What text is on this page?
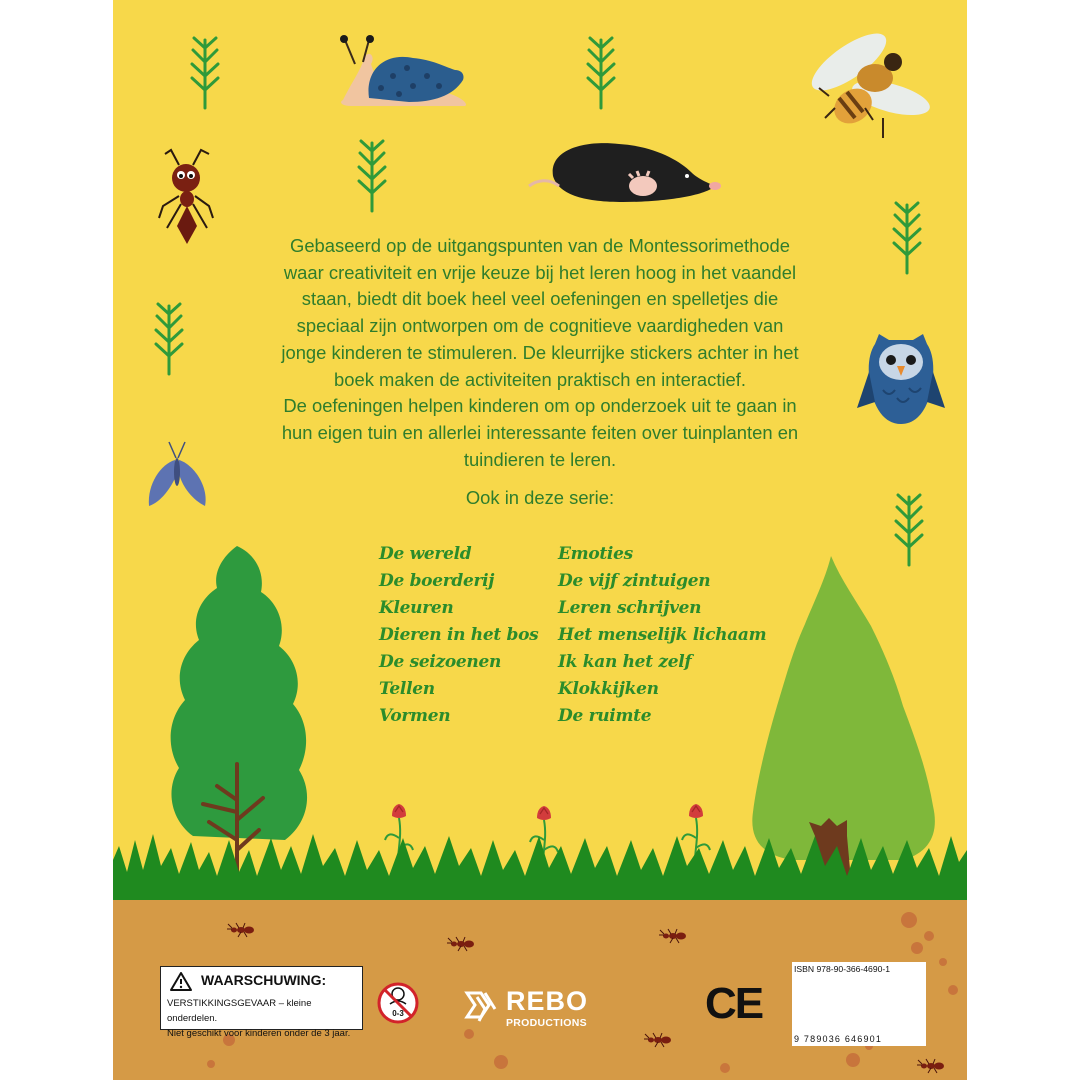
0-3
Gebaseerd op de uitgangspunten van de Montessorimethode
waar creativiteit en vrije keuze bij het leren hoog in het vaandel
staan, biedt dit boek heel veel oefeningen en spelletjes die
speciaal zijn ontworpen om de cognitieve vaardigheden van
jonge kinderen te stimuleren. De kleurrijke stickers achter in het
boek maken de activiteiten praktisch en interactief.
De oefeningen helpen kinderen om op onderzoek uit te gaan in
hun eigen tuin en allerlei interessante feiten over tuinplanten en
tuindieren te leren.
Ook in deze serie:
De wereld
De boerderij
Kleuren
Dieren in het bos
De seizoenen
Tellen
Vormen
Emoties
De vijf zintuigen
Leren schrijven
Het menselijk lichaam
Ik kan het zelf
Klokkijken
De ruimte
WAARSCHUWING:
VERSTIKKINGSGEVAAR – kleine onderdelen.
Niet geschikt voor kinderen onder de 3 jaar.
REBO
PRODUCTIONS	CE
ISBN 978-90-366-4690-1
9 789036 646901
